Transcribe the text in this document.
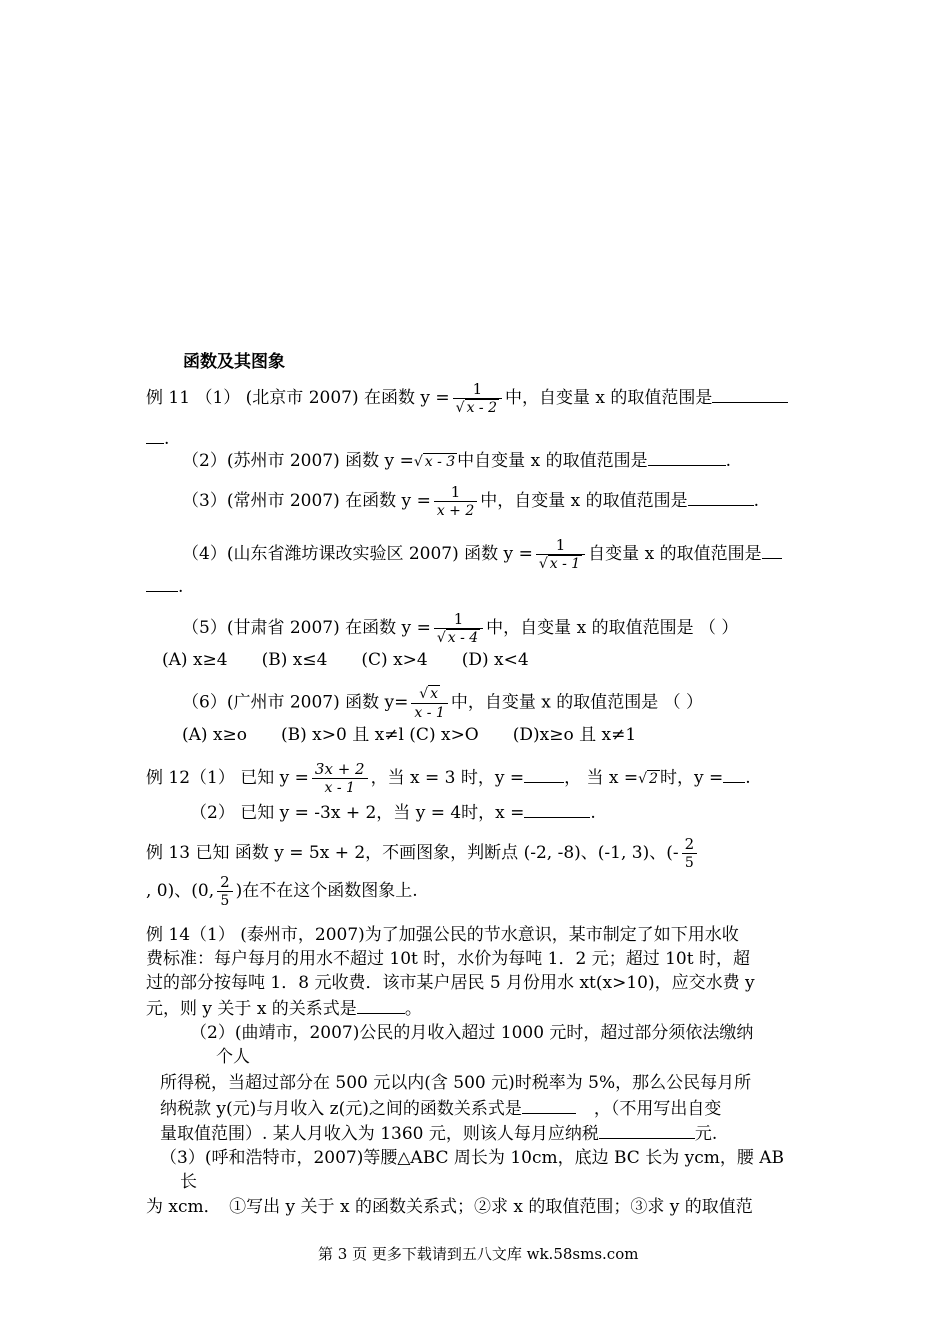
函数及其图象
例 11 （1） (北京市 2007) 在函数 $y = \frac{1}{√ x - 2}$ 中，自变量 x 的取值范围是
.
（2）(苏州市 2007) 函数 y =√ x - 3 中自变量 x 的取值范围是	.
（3）(常州市 2007) 在函数 $y = \frac{1}{x + 2}$ 中，自变量 x 的取值范围是	.
（4）(山东省潍坊课改实验区 2007) 函数 $y = \frac{1}{√ x - 1}$ 自变量 x 的取值范围是
.
（5）(甘肃省 2007) 在函数 $y = \frac{1}{√ x - 4}$ 中，自变量 x 的取值范围是 （ ）
(A) x≥4　　(B) x≤4　　(C) x>4　　(D) x<4
（6）(广州市 2007) 函数 $y= \frac{√ x}{x - 1}$ 中，自变量 x 的取值范围是 （ ）
(A) x≥o　　(B) x>0 且 x≠l (C) x>O　　(D)x≥o 且 x≠1
例 12（1） 已知 $y = \frac{3x + 2}{x - 1}$ ，当 x = 3 时，y = ， 当 x =√ 2 时，y = .
（2） 已知 y = -3x + 2，当 y = 4时，x =	.
例 13 已知 函数 y = 5x + 2，不画图象，判断点 (-2, -8)、(-1, 3)、(- $\frac{2}{5}$
, 0)、(0, $\frac{2}{5}$ )在不在这个函数图象上.
例 14（1） (泰州市，2007)为了加强公民的节水意识，某市制定了如下用水收
费标准：每户每月的用水不超过 10t 时，水价为每吨 1．2 元；超过 10t 时，超
过的部分按每吨 1．8 元收费．该市某户居民 5 月份用水 xt(x>10)，应交水费 y
元，则 y 关于 x 的关系式是	。
（2）(曲靖市，2007)公民的月收入超过 1000 元时，超过部分须依法缴纳
个人
所得税，当超过部分在 500 元以内(含 500 元)时税率为 5%，那么公民每月所
纳税款 y(元)与月收入 z(元)之间的函数关系式是	，（不用写出自变
量取值范围）. 某人月收入为 1360 元，则该人每月应纳税	元.
（3）(呼和浩特市，2007)等腰△ABC 周长为 10cm，底边 BC 长为 ycm，腰 AB
长
为 xcm．　①写出 y 关于 x 的函数关系式；②求 x 的取值范围；③求 y 的取值范
第 3 页 更多下载请到五八文库 wk.58sms.com
